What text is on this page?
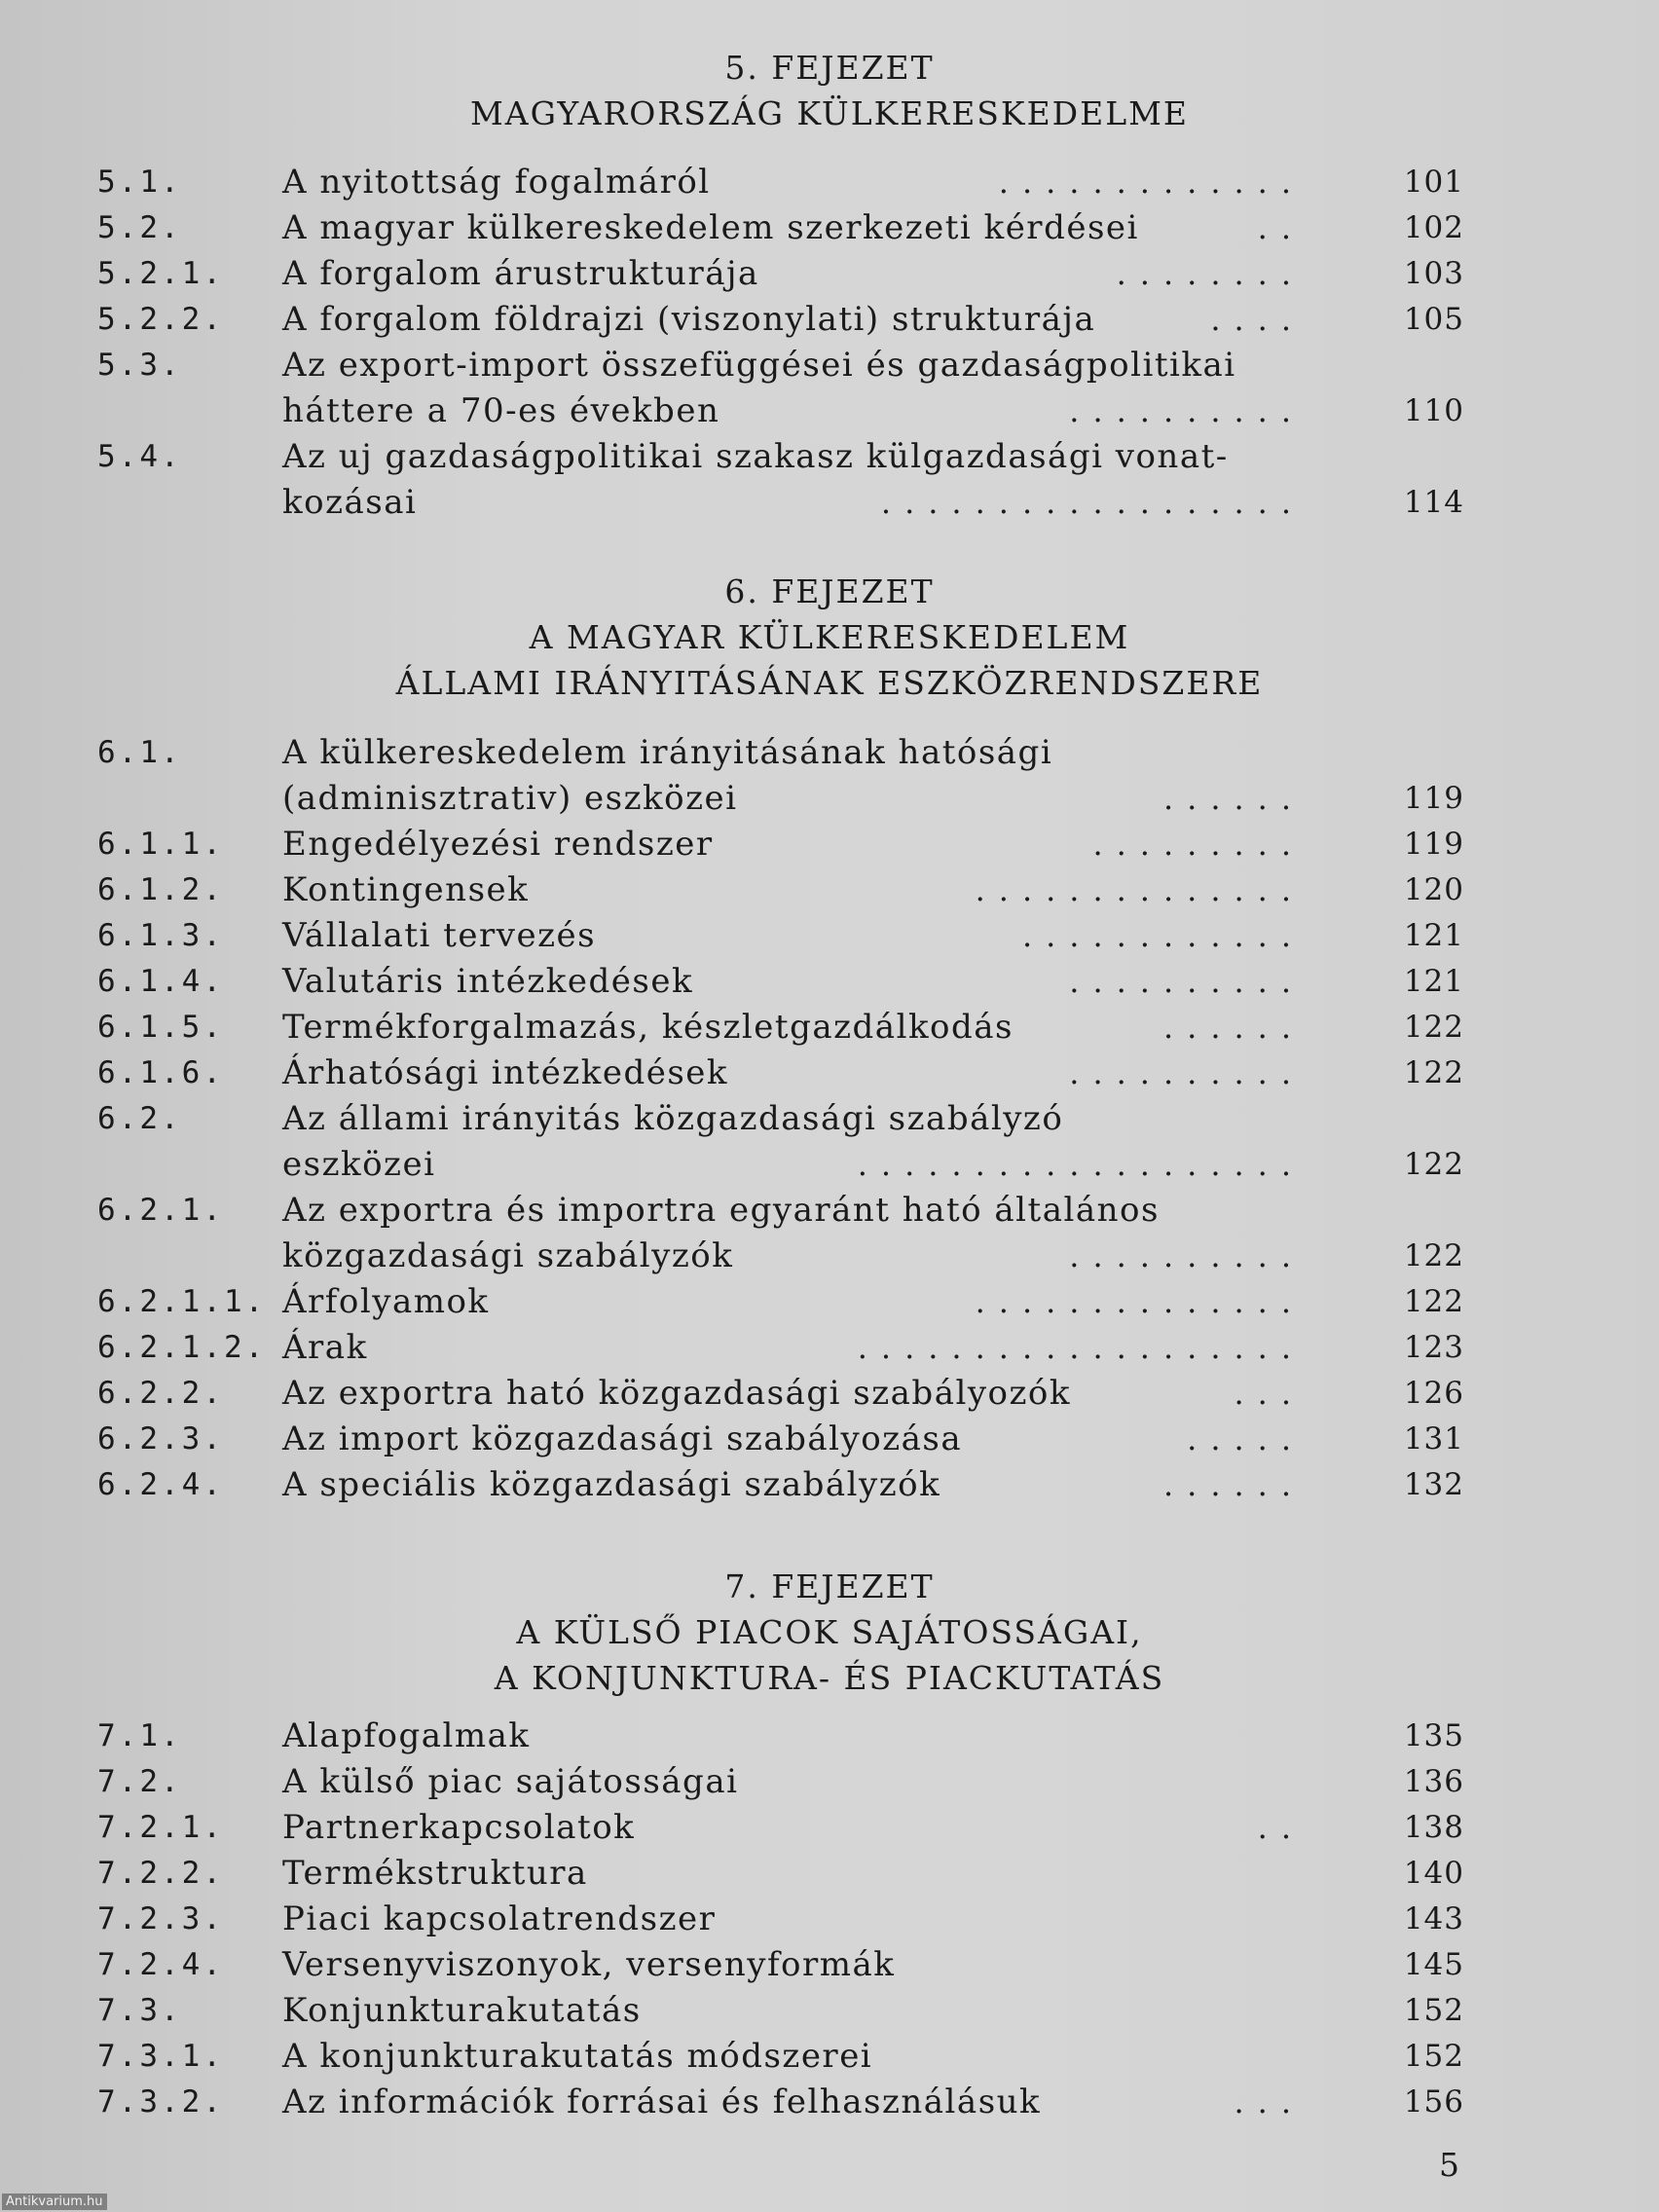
5. FEJEZET
MAGYARORSZÁG KÜLKERESKEDELME
5.1.	A nyitottság fogalmáról	.............	101
5.2.	A magyar külkereskedelem szerkezeti kérdései	..	102
5.2.1. A forgalom árustrukturája	........	103
5.2.2. A forgalom földrajzi (viszonylati) strukturája	....	105
5.3.	Az export-import összefüggései és gazdaságpolitikai
háttere a 70-es években	..........	110
5.4.	Az uj gazdaságpolitikai szakasz külgazdasági vonat-
kozásai	..................	114
6. FEJEZET
A MAGYAR KÜLKERESKEDELEM
ÁLLAMI IRÁNYITÁSÁNAK ESZKÖZRENDSZERE
6.1.	A külkereskedelem irányitásának hatósági
(adminisztrativ) eszközei	......	119
6.1.1. Engedélyezési rendszer	.........	119
6.1.2. Kontingensek	..............	120
6.1.3. Vállalati tervezés	............	121
6.1.4. Valutáris intézkedések	..........	121
6.1.5. Termékforgalmazás, készletgazdálkodás	......	122
6.1.6. Árhatósági intézkedések	..........	122
6.2.	Az állami irányitás közgazdasági szabályzó
eszközei	...................	122
6.2.1. Az exportra és importra egyaránt ható általános
közgazdasági szabályzók	..........	122
6.2.1.1. Árfolyamok	..............	122
6.2.1.2. Árak	...................	123
6.2.2. Az exportra ható közgazdasági szabályozók	...	126
6.2.3. Az import közgazdasági szabályozása	.....	131
6.2.4. A speciális közgazdasági szabályzók	......	132
7. FEJEZET
A KÜLSŐ PIACOK SAJÁTOSSÁGAI,
A KONJUNKTURA- ÉS PIACKUTATÁS
7.1.	Alapfogalmak	135
7.2.	A külső piac sajátosságai	136
7.2.1. Partnerkapcsolatok	..	138
7.2.2. Termékstruktura	140
7.2.3. Piaci kapcsolatrendszer	143
7.2.4. Versenyviszonyok, versenyformák	145
7.3.	Konjunkturakutatás	152
7.3.1. A konjunkturakutatás módszerei	152
7.3.2. Az információk forrásai és felhasználásuk	...	156
5
Antikvarium.hu
